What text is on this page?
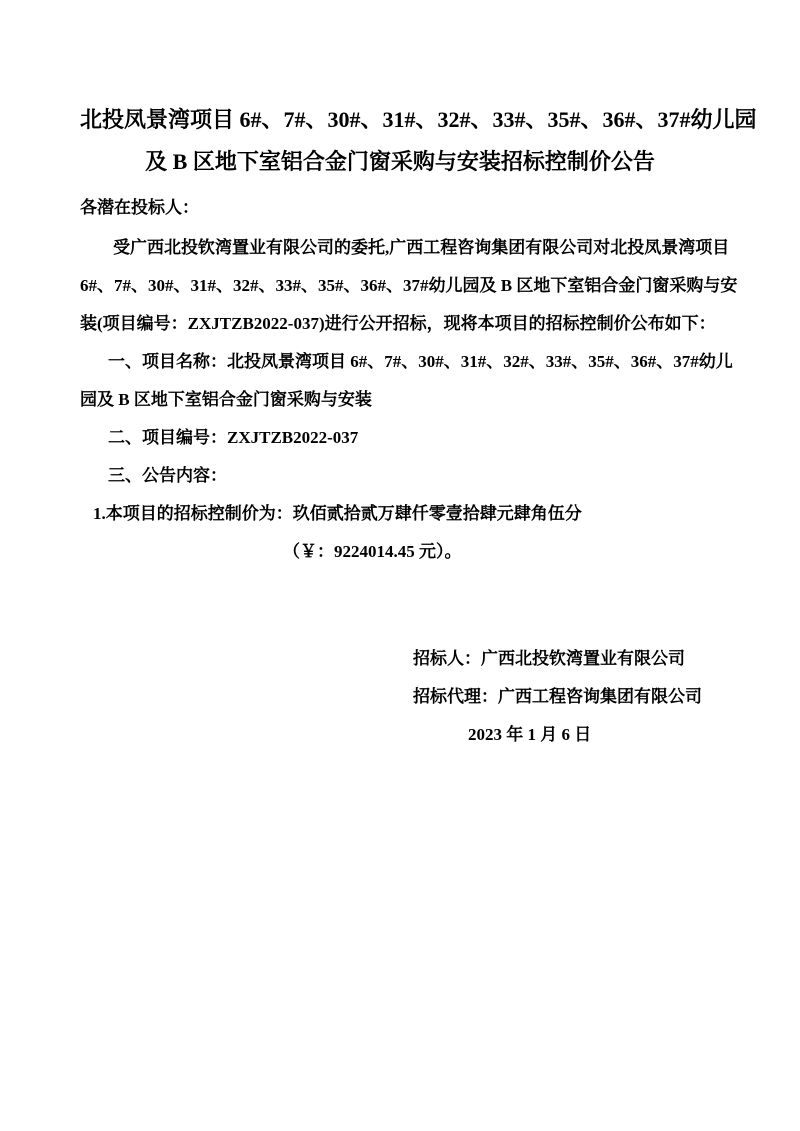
北投凤景湾项目 6#、7#、30#、31#、32#、33#、35#、36#、37#幼儿园
及 B 区地下室铝合金门窗采购与安装招标控制价公告

各潜在投标人：

受广西北投钦湾置业有限公司的委托,广西工程咨询集团有限公司对北投凤景湾项目

6#、7#、30#、31#、32#、33#、35#、36#、37#幼儿园及 B 区地下室铝合金门窗采购与安

装(项目编号：ZXJTZB2022-037)进行公开招标，现将本项目的招标控制价公布如下：

一、项目名称：北投凤景湾项目 6#、7#、30#、31#、32#、33#、35#、36#、37#幼儿

园及 B 区地下室铝合金门窗采购与安装

二、项目编号：ZXJTZB2022-037

三、公告内容：

1.本项目的招标控制价为：玖佰贰拾贰万肆仟零壹拾肆元肆角伍分

（￥：9224014.45 元）。

招标人：广西北投钦湾置业有限公司

招标代理：广西工程咨询集团有限公司

2023 年 1 月 6 日
